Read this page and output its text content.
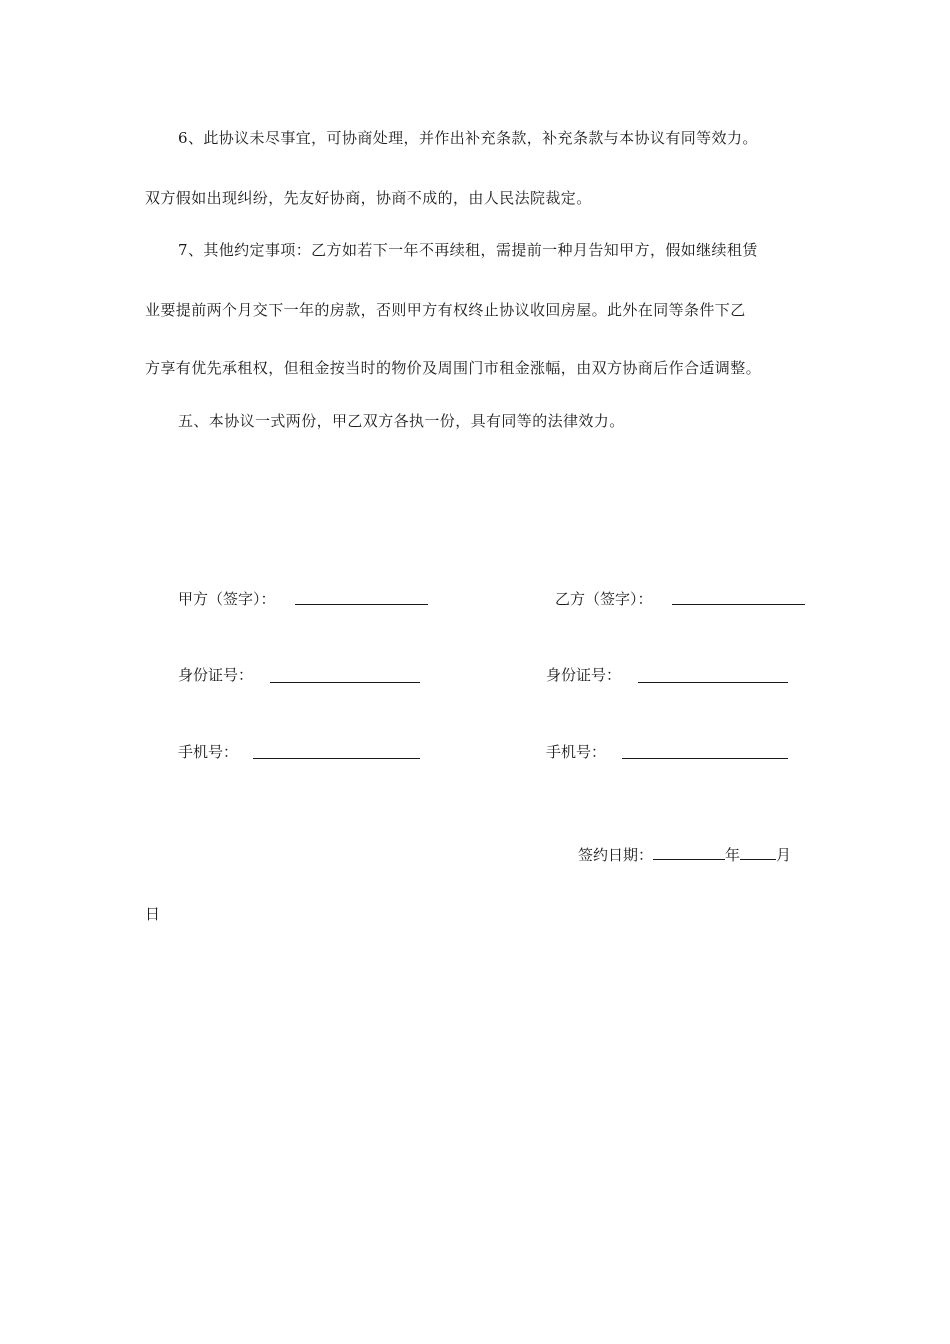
6、此协议未尽事宜，可协商处理，并作出补充条款，补充条款与本协议有同等效力。
双方假如出现纠纷，先友好协商，协商不成的，由人民法院裁定。
7、其他约定事项：乙方如若下一年不再续租，需提前一种月告知甲方，假如继续租赁
业要提前两个月交下一年的房款，否则甲方有权终止协议收回房屋。此外在同等条件下乙
方享有优先承租权，但租金按当时的物价及周围门市租金涨幅，由双方协商后作合适调整。
五、本协议一式两份，甲乙双方各执一份，具有同等的法律效力。
甲方（签字）：	乙方（签字）：
身份证号：	身份证号：
手机号：	手机号：
签约日期：	年 月
日
